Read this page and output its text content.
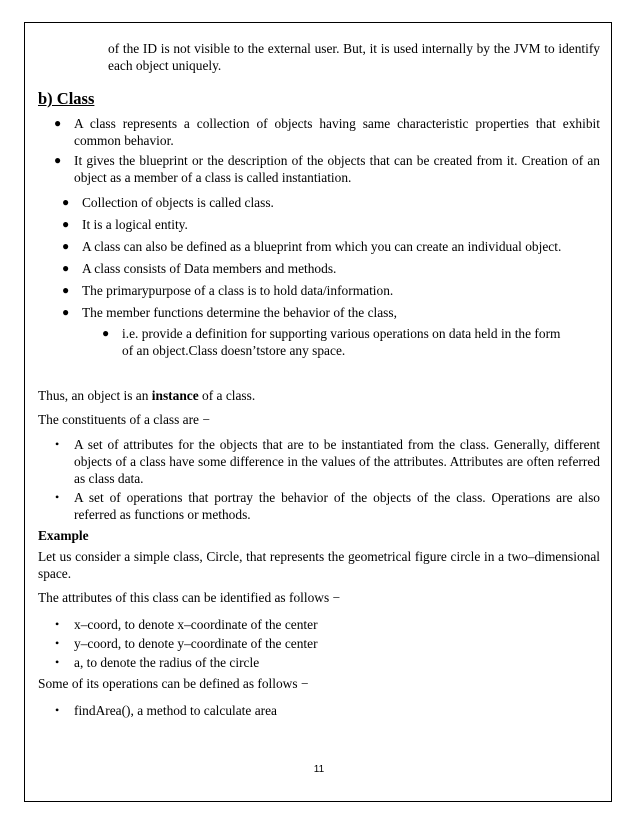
of the ID is not visible to the external user. But, it is used internally by the JVM to identify each object uniquely.

b) Class
● A class represents a collection of objects having same characteristic properties that exhibit common behavior.
● It gives the blueprint or the description of the objects that can be created from it. Creation of an object as a member of a class is called instantiation.
● Collection of objects is called class.
● It is a logical entity.
● A class can also be defined as a blueprint from which you can create an individual object.
● A class consists of Data members and methods.
● The primarypurpose of a class is to hold data/information.
● The member functions determine the behavior of the class,
● i.e. provide a definition for supporting various operations on data held in the form of an object.Class doesn’tstore any space.

Thus, an object is an instance of a class.

The constituents of a class are −

• A set of attributes for the objects that are to be instantiated from the class. Generally, different objects of a class have some difference in the values of the attributes. Attributes are often referred as class data.
• A set of operations that portray the behavior of the objects of the class. Operations are also referred as functions or methods.

Example

Let us consider a simple class, Circle, that represents the geometrical figure circle in a two–dimensional space.

The attributes of this class can be identified as follows −

• x–coord, to denote x–coordinate of the center
• y–coord, to denote y–coordinate of the center
• a, to denote the radius of the circle

Some of its operations can be defined as follows −

• findArea(), a method to calculate area
11
